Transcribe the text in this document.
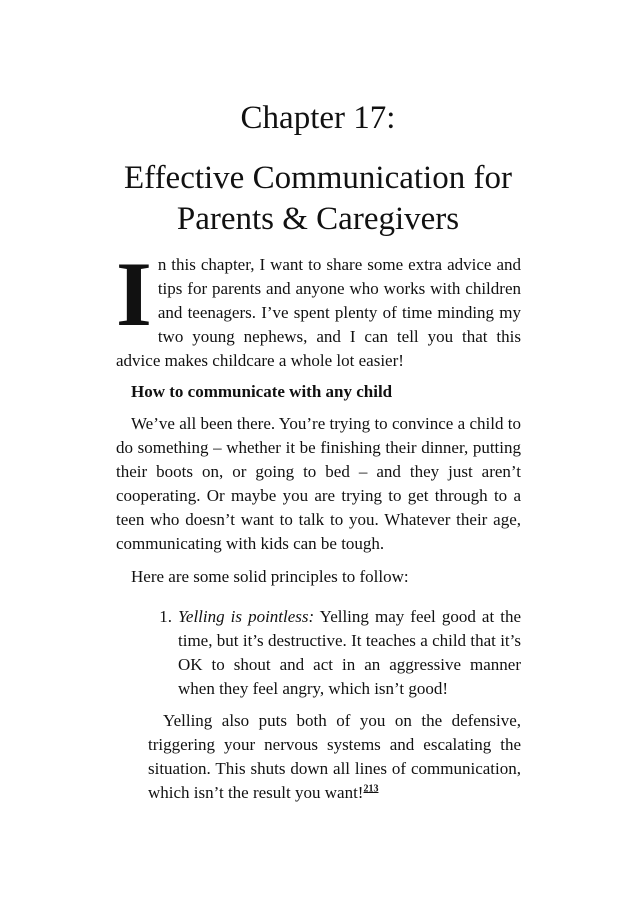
Chapter 17:
Effective Communication for
Parents & Caregivers
In this chapter, I want to share some extra advice and tips for parents and anyone who works with children and teenagers. I’ve spent plenty of time minding my two young nephews, and I can tell you that this advice makes childcare a whole lot easier!
How to communicate with any child
We’ve all been there. You’re trying to convince a child to do something – whether it be finishing their dinner, putting their boots on, or going to bed – and they just aren’t cooperating. Or maybe you are trying to get through to a teen who doesn’t want to talk to you. Whatever their age, communicating with kids can be tough.
Here are some solid principles to follow:
1. Yelling is pointless: Yelling may feel good at the time, but it’s destructive. It teaches a child that it’s OK to shout and act in an aggressive manner when they feel angry, which isn’t good!
Yelling also puts both of you on the defensive, triggering your nervous systems and escalating the situation. This shuts down all lines of communication, which isn’t the result you want!$^{213}$
